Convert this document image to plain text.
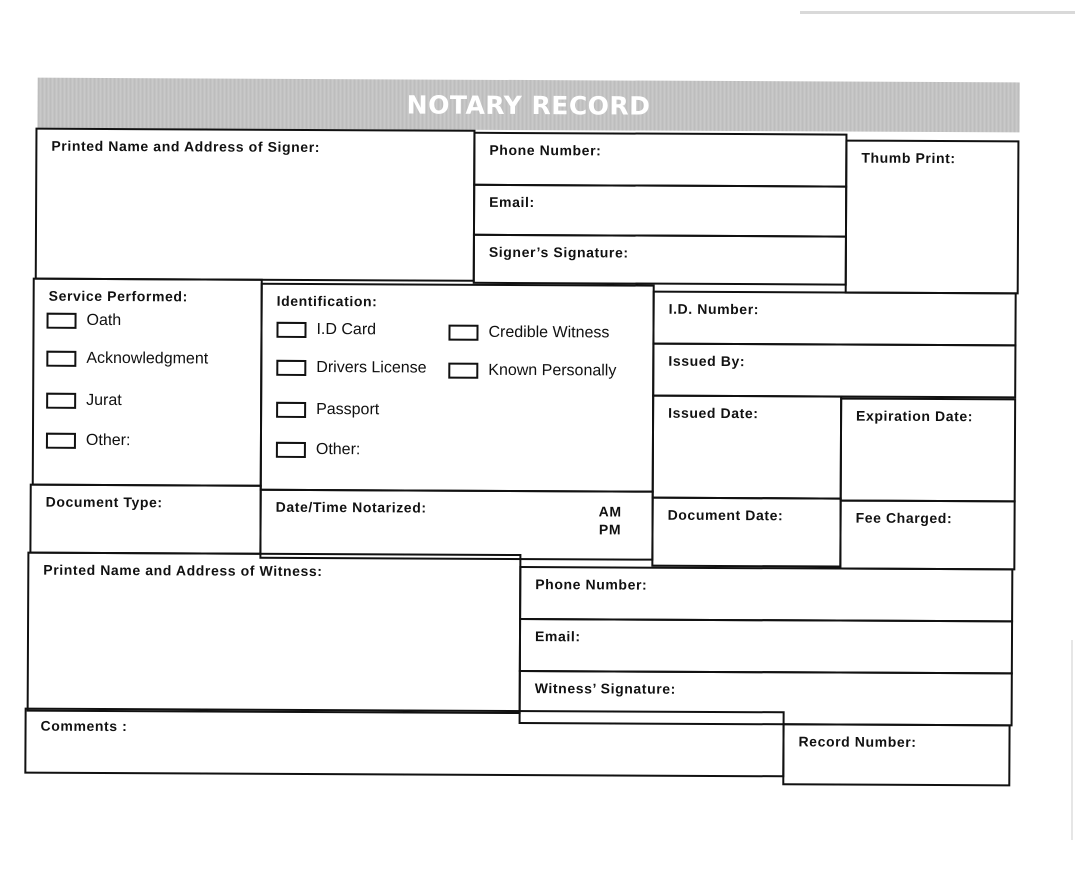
NOTARY RECORD
Printed Name and Address of Signer:	Phone Number:
Email:
Signer’s Signature:
Thumb Print:
Service Performed:
Oath
Acknowledgment
Jurat
Other:
Identification:
I.D Card
Drivers License
Passport
Other:
Credible Witness
Known Personally
I.D. Number:
Issued By:
Issued Date:	Expiration Date:
Document Type:	Date/Time Notarized:	AM
PM
Document Date:	Fee Charged:
Printed Name and Address of Witness:
Phone Number:
Email:
Witness’ Signature:
Comments :
Record Number:
